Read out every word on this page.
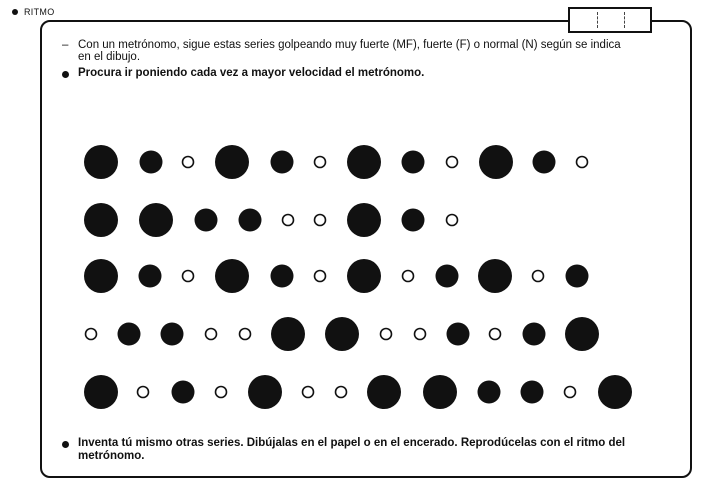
RITMO
– Con un metrónomo, sigue estas series golpeando muy fuerte (MF), fuerte (F) o normal (N) según se indica
en el dibujo.
Procura ir poniendo cada vez a mayor velocidad el metrónomo.
Inventa tú mismo otras series. Dibújalas en el papel o en el encerado. Reprodúcelas con el ritmo del
metrónomo.
